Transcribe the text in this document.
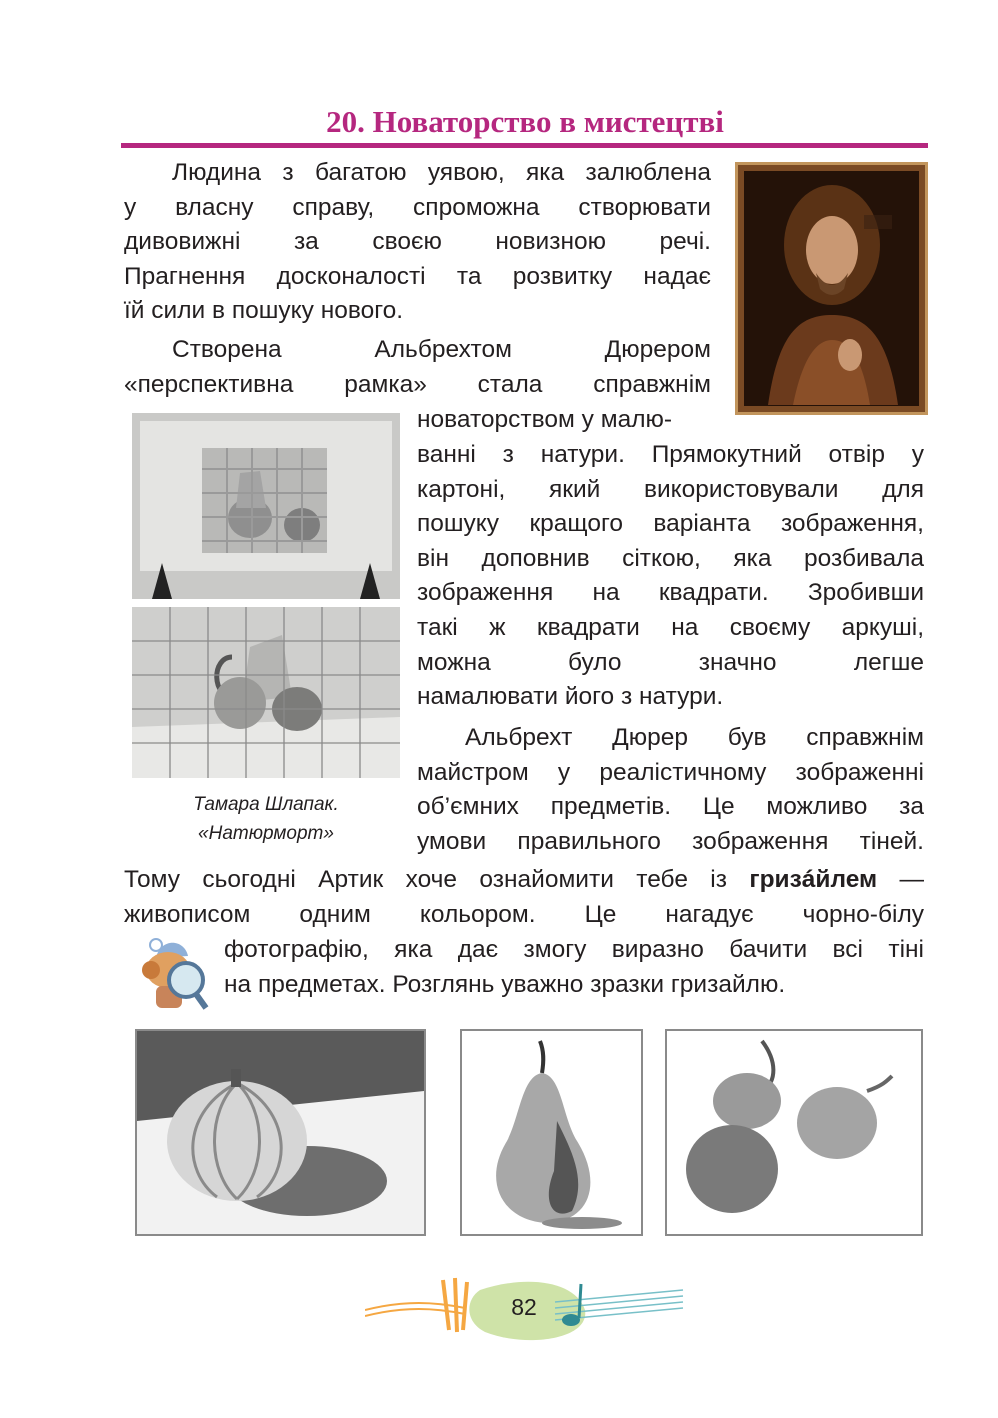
20. Новаторство в мистецтві
Людина з багатою уявою, яка залюблена
у власну справу, спроможна створювати
дивовижні за своєю новизною речі.
Прагнення досконалості та розвитку надає
їй сили в пошуку нового.
Створена Альбрехтом Дюрером
«перспективна рамка» стала справжнім
новаторством у малю-
ванні з натури. Прямокутний отвір у
картоні, який використовували для
пошуку кращого варіанта зображення,
він доповнив сіткою, яка розбивала
зображення на квадрати. Зробивши
такі ж квадрати на своєму аркуші,
можна було значно легше
намалювати його з натури.
Альбрехт Дюрер був справжнім
майстром у реалістичному зображенні
об’ємних предметів. Це можливо за
умови правильного зображення тіней.
Тому сьогодні Артик хоче ознайомити тебе із гризáйлем —
живописом одним кольором. Це нагадує чорно-білу
фотографію, яка дає змогу виразно бачити всі тіні
на предметах. Розглянь уважно зразки гризайлю.
Тамара Шлапак.
«Натюрморт»
82
